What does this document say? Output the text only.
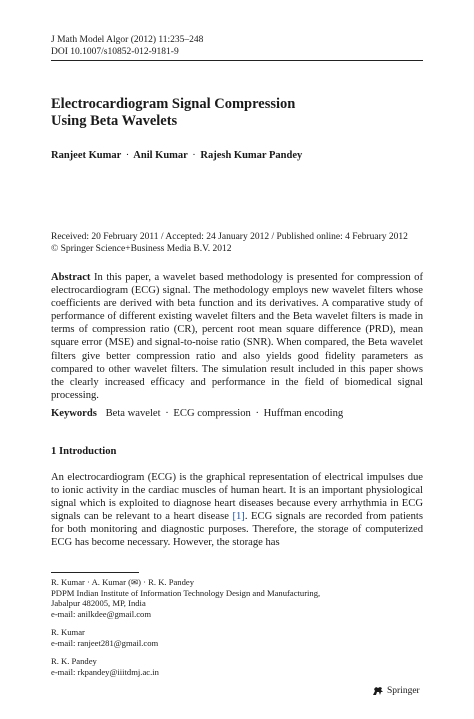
J Math Model Algor (2012) 11:235–248
DOI 10.1007/s10852-012-9181-9
Electrocardiogram Signal Compression
Using Beta Wavelets
Ranjeet Kumar · Anil Kumar · Rajesh Kumar Pandey
Received: 20 February 2011 / Accepted: 24 January 2012 / Published online: 4 February 2012
© Springer Science+Business Media B.V. 2012
Abstract In this paper, a wavelet based methodology is presented for compression of electrocardiogram (ECG) signal. The methodology employs new wavelet filters whose coefficients are derived with beta function and its derivatives. A comparative study of performance of different existing wavelet filters and the Beta wavelet filters is made in terms of compression ratio (CR), percent root mean square difference (PRD), mean square error (MSE) and signal-to-noise ratio (SNR). When compared, the Beta wavelet filters give better compression ratio and also yields good fidelity parameters as compared to other wavelet filters. The simulation result included in this paper shows the clearly increased efficacy and performance in the field of biomedical signal processing.
Keywords Beta wavelet · ECG compression · Huffman encoding
1 Introduction
An electrocardiogram (ECG) is the graphical representation of electrical impulses due to ionic activity in the cardiac muscles of human heart. It is an important physiological signal which is exploited to diagnose heart diseases because every arrhythmia in ECG signals can be relevant to a heart disease [1]. ECG signals are recorded from patients for both monitoring and diagnostic purposes. Therefore, the storage of computerized ECG has become necessary. However, the storage has
R. Kumar · A. Kumar (✉) · R. K. Pandey
PDPM Indian Institute of Information Technology Design and Manufacturing,
Jabalpur 482005, MP, India
e-mail: anilkdee@gmail.com
R. Kumar
e-mail: ranjeet281@gmail.com
R. K. Pandey
e-mail: rkpandey@iiitdmj.ac.in
Springer
